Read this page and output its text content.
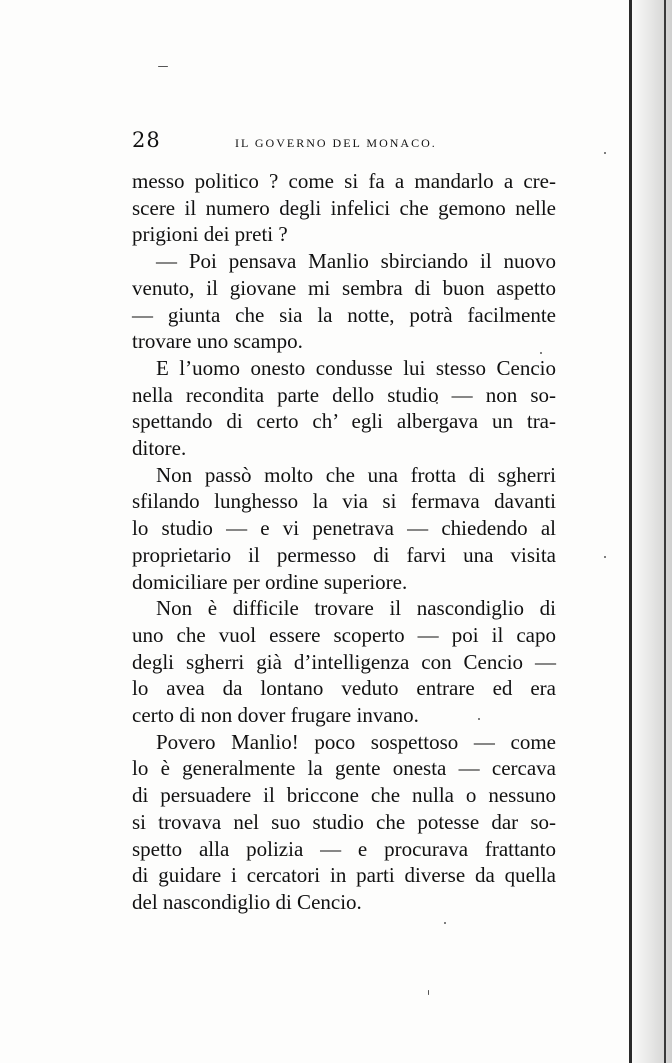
28	IL GOVERNO DEL MONACO.
messo politico ? come si fa a mandarlo a cre-
scere il numero degli infelici che gemono nelle
prigioni dei preti ?
— Poi pensava Manlio sbirciando il nuovo
venuto, il giovane mi sembra di buon aspetto
— giunta che sia la notte, potrà facilmente
trovare uno scampo.
E l’uomo onesto condusse lui stesso Cencio
nella recondita parte dello studio — non so-
spettando di certo ch’ egli albergava un tra-
ditore.
Non passò molto che una frotta di sgherri
sfilando lunghesso la via si fermava davanti
lo studio — e vi penetrava — chiedendo al
proprietario il permesso di farvi una visita
domiciliare per ordine superiore.
Non è difficile trovare il nascondiglio di
uno che vuol essere scoperto — poi il capo
degli sgherri già d’intelligenza con Cencio —
lo avea da lontano veduto entrare ed era
certo di non dover frugare invano.
Povero Manlio! poco sospettoso — come
lo è generalmente la gente onesta — cercava
di persuadere il briccone che nulla o nessuno
si trovava nel suo studio che potesse dar so-
spetto alla polizia — e procurava frattanto
di guidare i cercatori in parti diverse da quella
del nascondiglio di Cencio.
